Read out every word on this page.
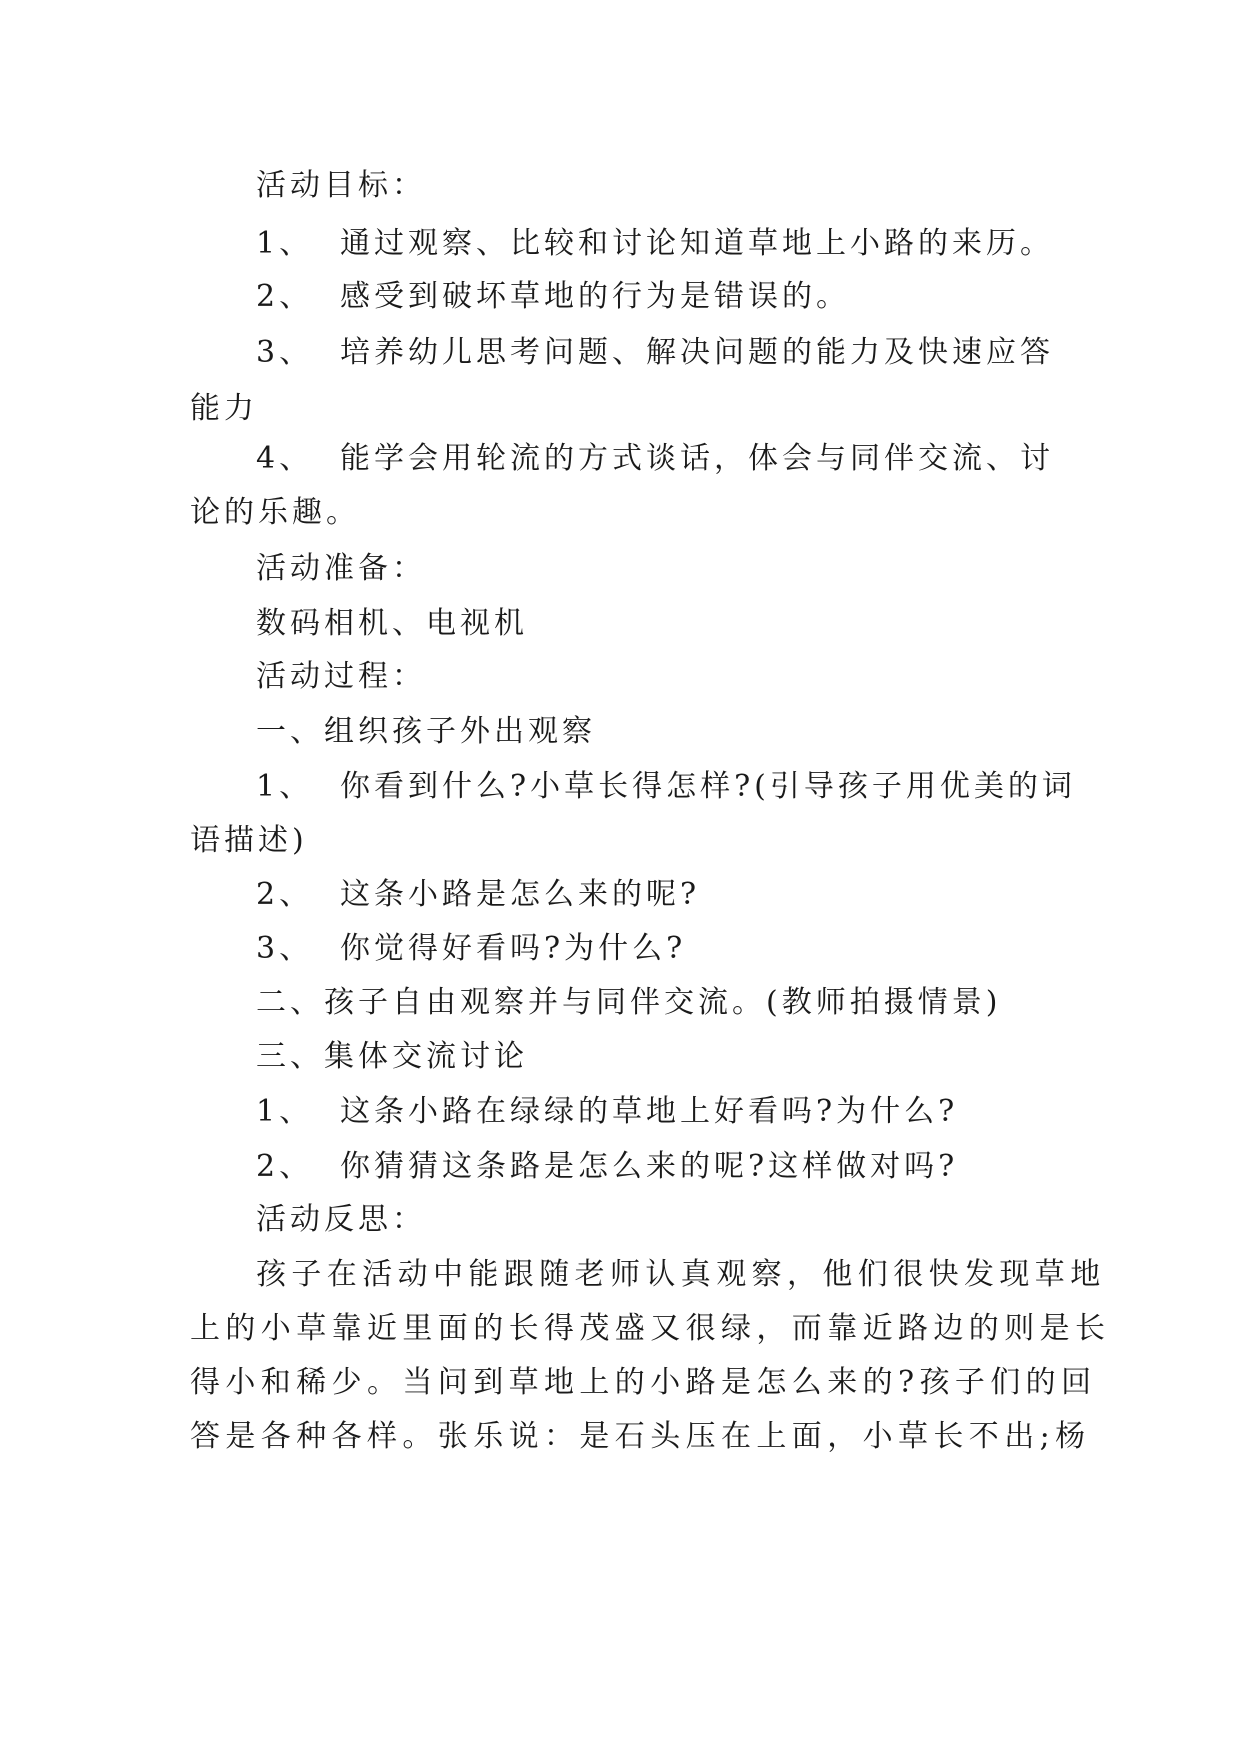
活动目标：
1、 通过观察、比较和讨论知道草地上小路的来历。
2、 感受到破坏草地的行为是错误的。
3、 培养幼儿思考问题、解决问题的能力及快速应答
能力
4、 能学会用轮流的方式谈话，体会与同伴交流、讨
论的乐趣。
活动准备：
数码相机、电视机
活动过程：
一、组织孩子外出观察
1、 你看到什么?小草长得怎样?(引导孩子用优美的词
语描述)
2、 这条小路是怎么来的呢?
3、 你觉得好看吗?为什么?
二、孩子自由观察并与同伴交流。(教师拍摄情景)
三、集体交流讨论
1、 这条小路在绿绿的草地上好看吗?为什么?
2、 你猜猜这条路是怎么来的呢?这样做对吗?
活动反思：
孩子在活动中能跟随老师认真观察，他们很快发现草地
上的小草靠近里面的长得茂盛又很绿，而靠近路边的则是长
得小和稀少。当问到草地上的小路是怎么来的?孩子们的回
答是各种各样。张乐说：是石头压在上面，小草长不出;杨
